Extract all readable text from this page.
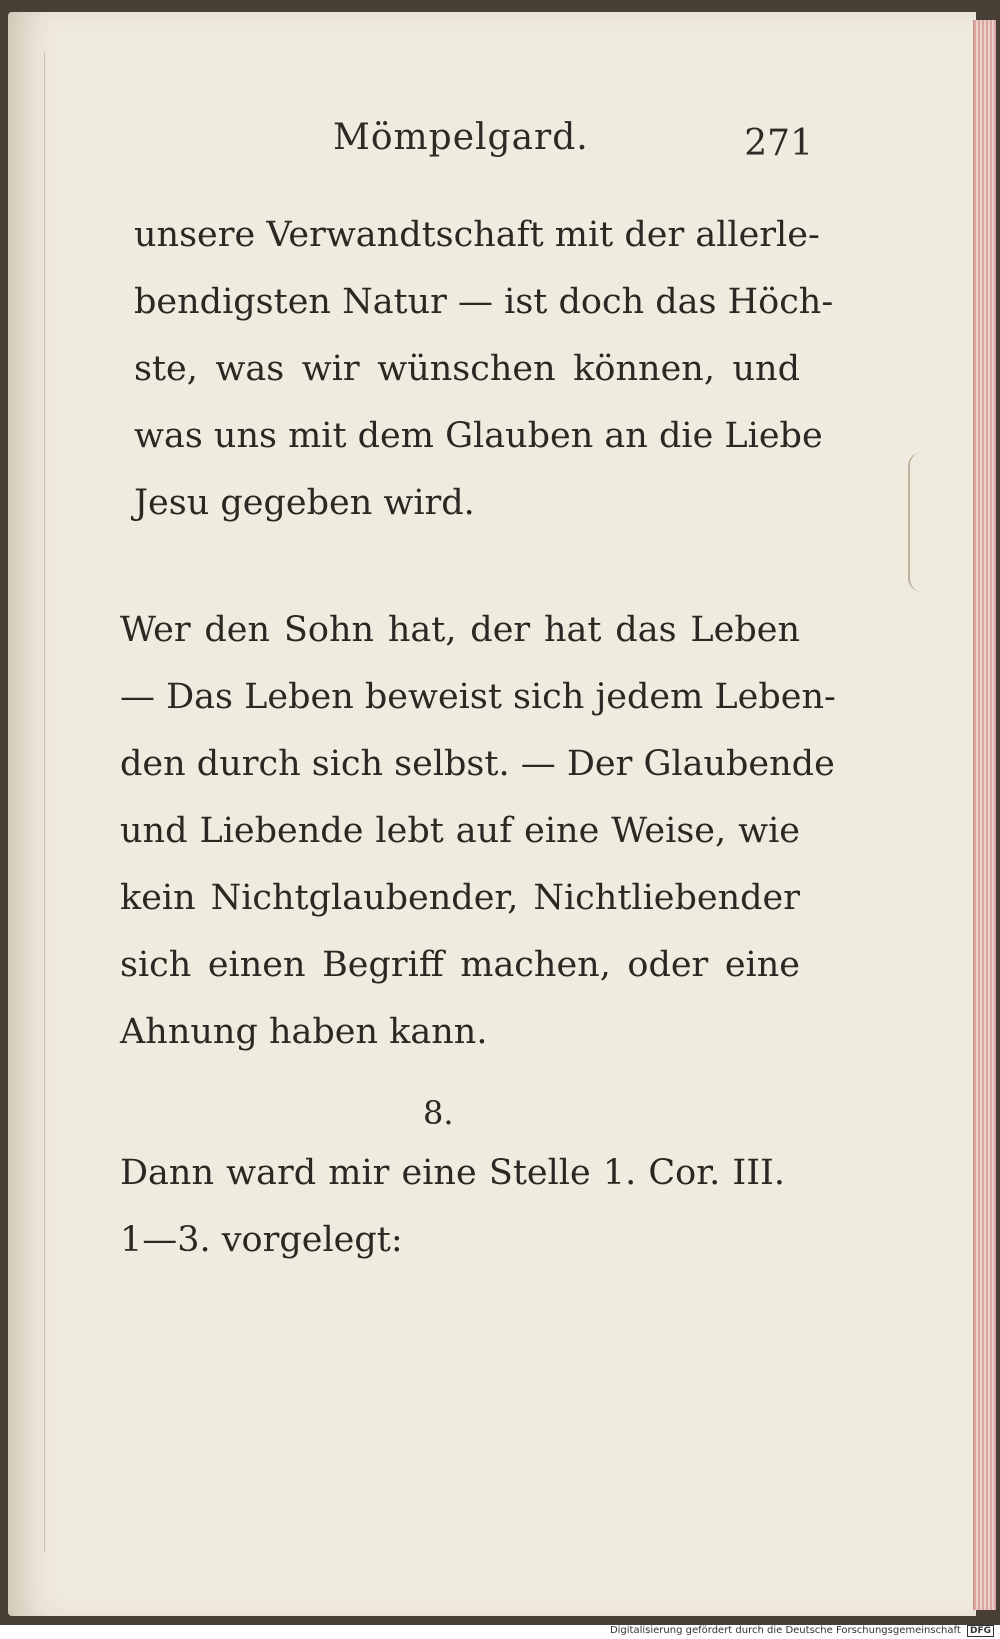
Mömpelgard.	271
unsere Verwandtschaft mit der allerle-
bendigsten Natur — ist doch das Höch-
ste, was wir wünschen können, und
was uns mit dem Glauben an die Liebe
Jesu gegeben wird.
Wer den Sohn hat, der hat das Leben
— Das Leben beweist sich jedem Leben-
den durch sich selbst. — Der Glaubende
und Liebende lebt auf eine Weise, wie
kein Nichtglaubender, Nichtliebender
sich einen Begriff machen, oder eine
Ahnung haben kann.
8.
Dann ward mir eine Stelle 1. Cor. III.
1—3. vorgelegt:
Digitalisierung gefördert durch die Deutsche Forschungsgemeinschaft DFG
